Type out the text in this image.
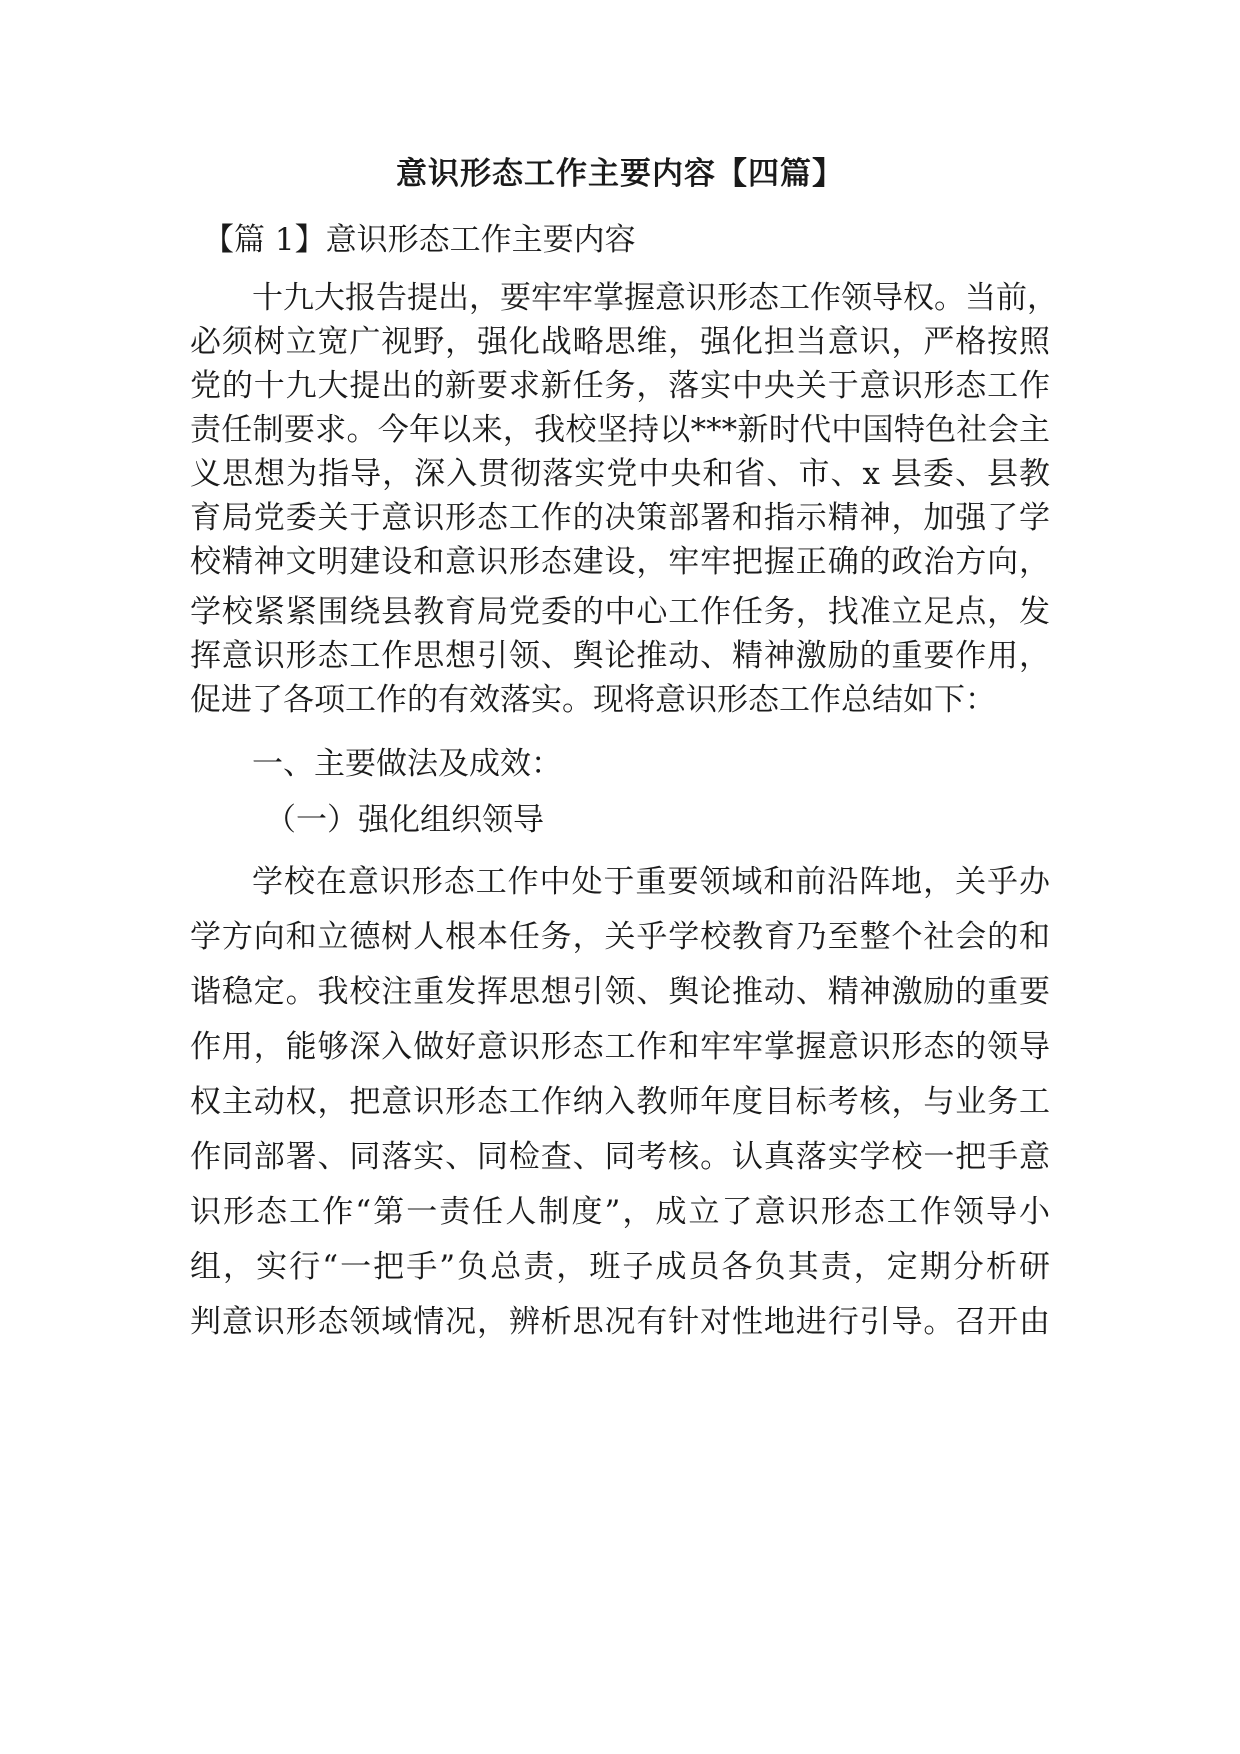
意识形态工作主要内容【四篇】
【篇 1】意识形态工作主要内容
十九大报告提出，要牢牢掌握意识形态工作领导权。当前，
必须树立宽广视野，强化战略思维，强化担当意识，严格按照
党的十九大提出的新要求新任务，落实中央关于意识形态工作
责任制要求。今年以来，我校坚持以***新时代中国特色社会主
义思想为指导，深入贯彻落实党中央和省、市、x 县委、县教
育局党委关于意识形态工作的决策部署和指示精神，加强了学
校精神文明建设和意识形态建设，牢牢把握正确的政治方向，
学校紧紧围绕县教育局党委的中心工作任务，找准立足点，发
挥意识形态工作思想引领、舆论推动、精神激励的重要作用，
促进了各项工作的有效落实。现将意识形态工作总结如下：
一、主要做法及成效：
（一）强化组织领导
学校在意识形态工作中处于重要领域和前沿阵地，关乎办
学方向和立德树人根本任务，关乎学校教育乃至整个社会的和
谐稳定。我校注重发挥思想引领、舆论推动、精神激励的重要
作用，能够深入做好意识形态工作和牢牢掌握意识形态的领导
权主动权，把意识形态工作纳入教师年度目标考核，与业务工
作同部署、同落实、同检查、同考核。认真落实学校一把手意
识形态工作“第一责任人制度”，成立了意识形态工作领导小
组，实行“一把手”负总责，班子成员各负其责，定期分析研
判意识形态领域情况，辨析思况有针对性地进行引导。召开由
